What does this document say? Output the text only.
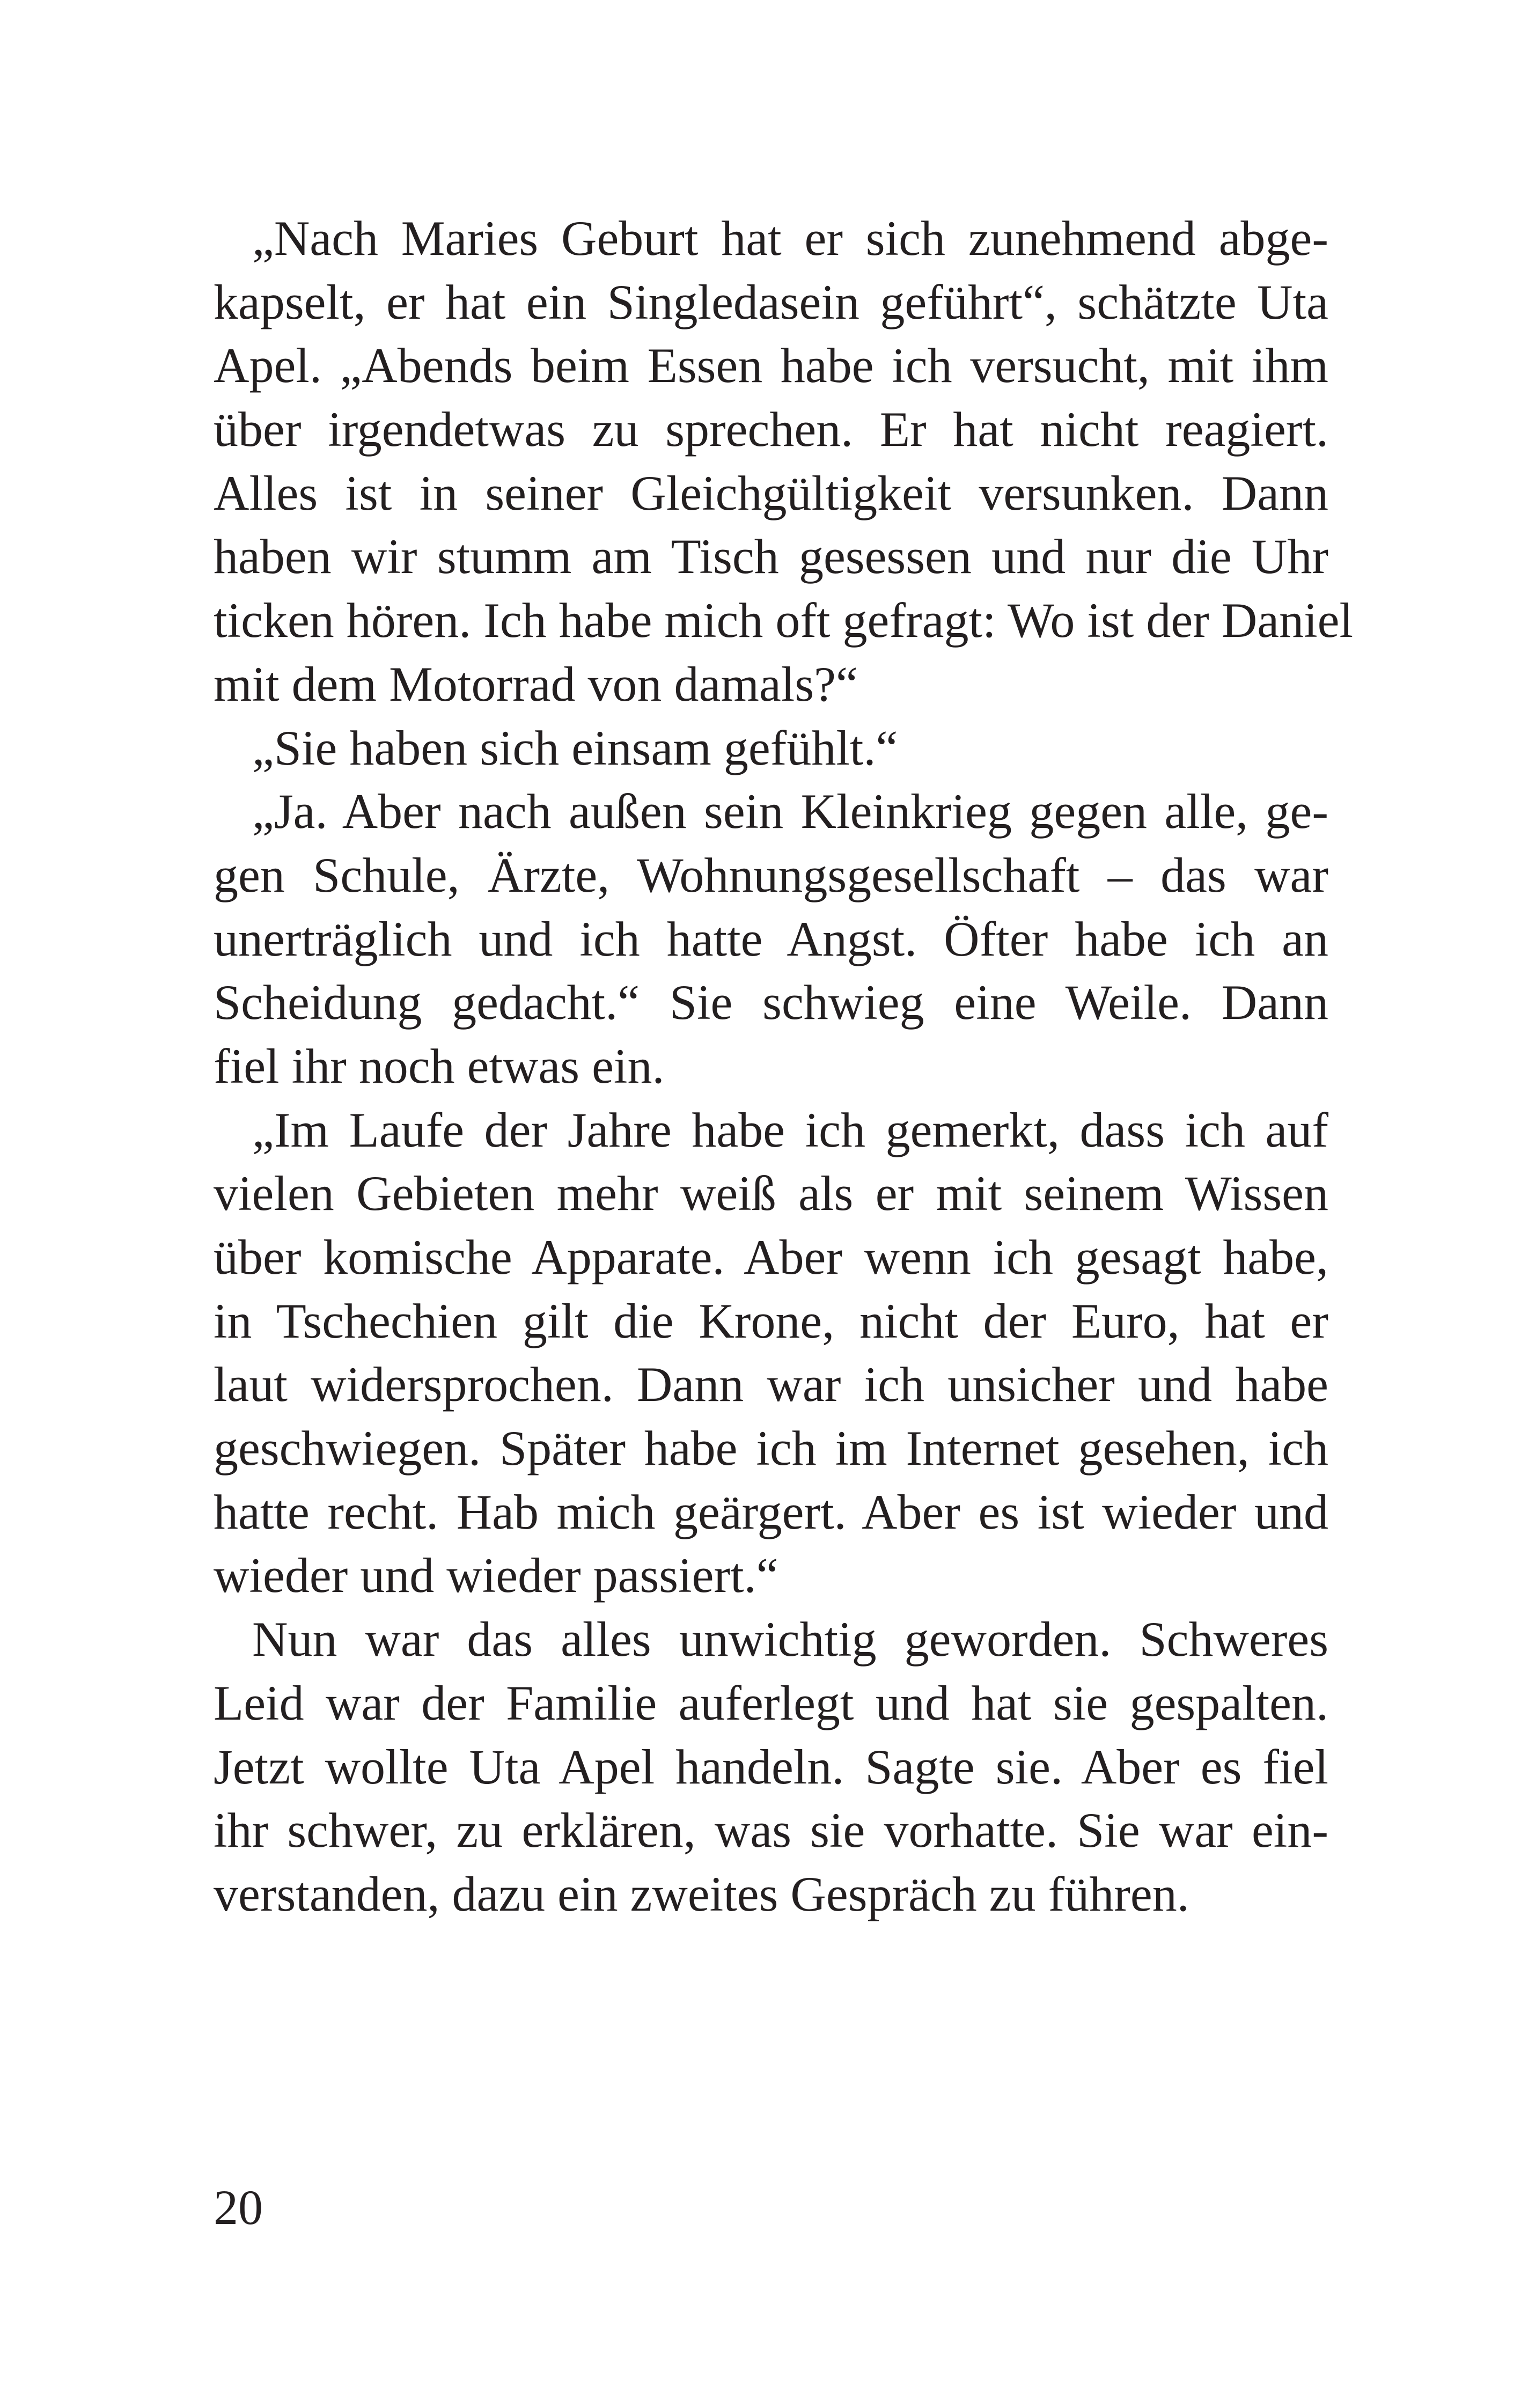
„Nach Maries Geburt hat er sich zunehmend abge-
kapselt, er hat ein Singledasein geführt“, schätzte Uta
Apel. „Abends beim Essen habe ich versucht, mit ihm
über irgendetwas zu sprechen. Er hat nicht reagiert.
Alles ist in seiner Gleichgültigkeit versunken. Dann
haben wir stumm am Tisch gesessen und nur die Uhr
ticken hören. Ich habe mich oft gefragt: Wo ist der Daniel
mit dem Motorrad von damals?“
„Sie haben sich einsam gefühlt.“
„Ja. Aber nach außen sein Kleinkrieg gegen alle, ge-
gen Schule, Ärzte, Wohnungsgesellschaft – das war
unerträglich und ich hatte Angst. Öfter habe ich an
Scheidung gedacht.“ Sie schwieg eine Weile. Dann
fiel ihr noch etwas ein.
„Im Laufe der Jahre habe ich gemerkt, dass ich auf
vielen Gebieten mehr weiß als er mit seinem Wissen
über komische Apparate. Aber wenn ich gesagt habe,
in Tschechien gilt die Krone, nicht der Euro, hat er
laut widersprochen. Dann war ich unsicher und habe
geschwiegen. Später habe ich im Internet gesehen, ich
hatte recht. Hab mich geärgert. Aber es ist wieder und
wieder und wieder passiert.“
Nun war das alles unwichtig geworden. Schweres
Leid war der Familie auferlegt und hat sie gespalten.
Jetzt wollte Uta Apel handeln. Sagte sie. Aber es fiel
ihr schwer, zu erklären, was sie vorhatte. Sie war ein-
verstanden, dazu ein zweites Gespräch zu führen.
20
